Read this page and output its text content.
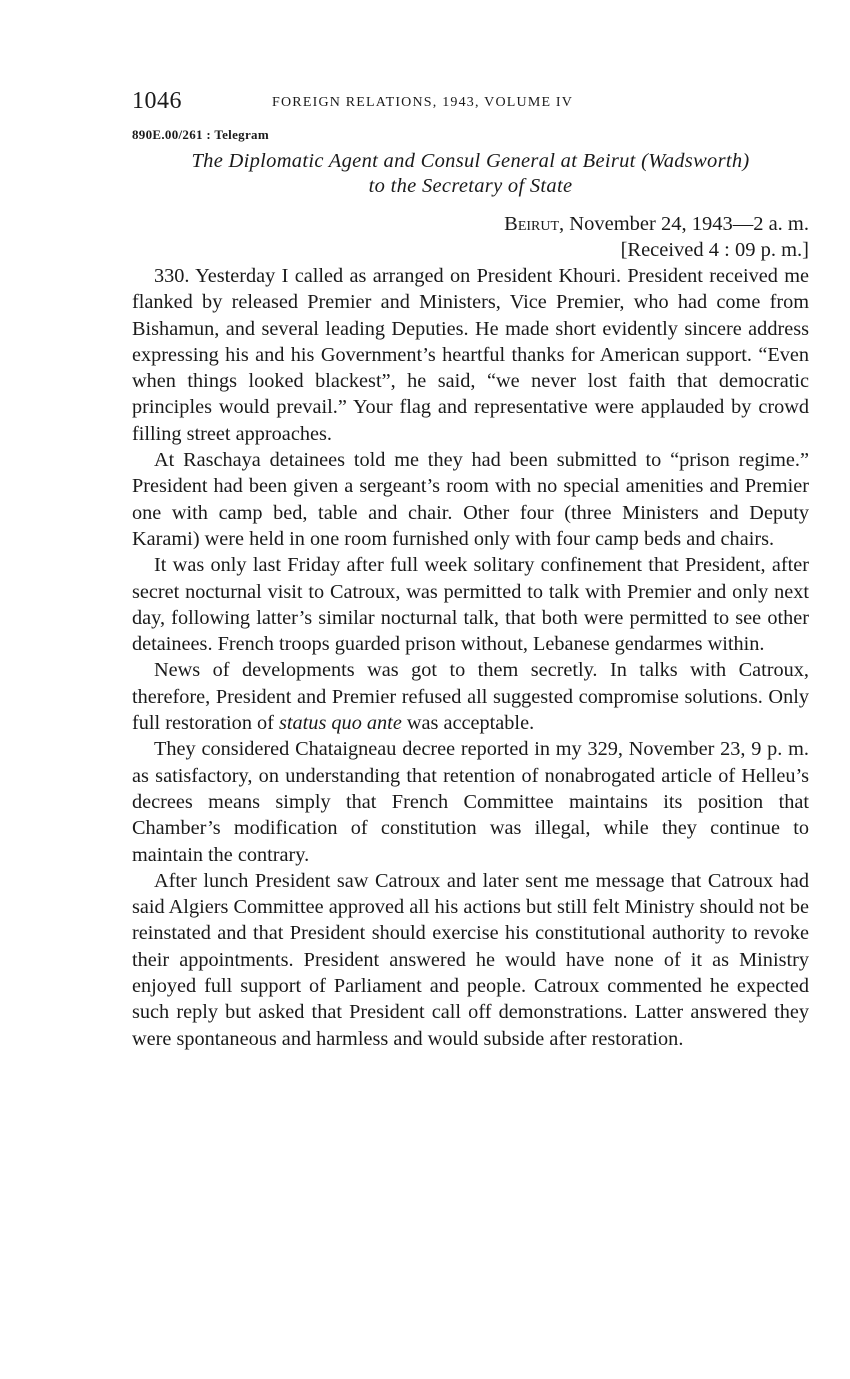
1046	FOREIGN RELATIONS, 1943, VOLUME IV
890E.00/261 : Telegram
The Diplomatic Agent and Consul General at Beirut (Wadsworth)
to the Secretary of State
Beirut, November 24, 1943—2 a. m.
[Received 4 : 09 p. m.]

330. Yesterday I called as arranged on President Khouri. President received me flanked by released Premier and Ministers, Vice Premier, who had come from Bishamun, and several leading Deputies. He made short evidently sincere address expressing his and his Government’s heartful thanks for American support. “Even when things looked blackest”, he said, “we never lost faith that democratic principles would prevail.” Your flag and representative were applauded by crowd filling street approaches.

At Raschaya detainees told me they had been submitted to “prison regime.” President had been given a sergeant’s room with no special amenities and Premier one with camp bed, table and chair. Other four (three Ministers and Deputy Karami) were held in one room furnished only with four camp beds and chairs.

It was only last Friday after full week solitary confinement that President, after secret nocturnal visit to Catroux, was permitted to talk with Premier and only next day, following latter’s similar nocturnal talk, that both were permitted to see other detainees. French troops guarded prison without, Lebanese gendarmes within.

News of developments was got to them secretly. In talks with Catroux, therefore, President and Premier refused all suggested compromise solutions. Only full restoration of status quo ante was acceptable.

They considered Chataigneau decree reported in my 329, November 23, 9 p. m. as satisfactory, on understanding that retention of nonabrogated article of Helleu’s decrees means simply that French Committee maintains its position that Chamber’s modification of constitution was illegal, while they continue to maintain the contrary.

After lunch President saw Catroux and later sent me message that Catroux had said Algiers Committee approved all his actions but still felt Ministry should not be reinstated and that President should exercise his constitutional authority to revoke their appointments. President answered he would have none of it as Ministry enjoyed full support of Parliament and people. Catroux commented he expected such reply but asked that President call off demonstrations. Latter answered they were spontaneous and harmless and would subside after restoration.
